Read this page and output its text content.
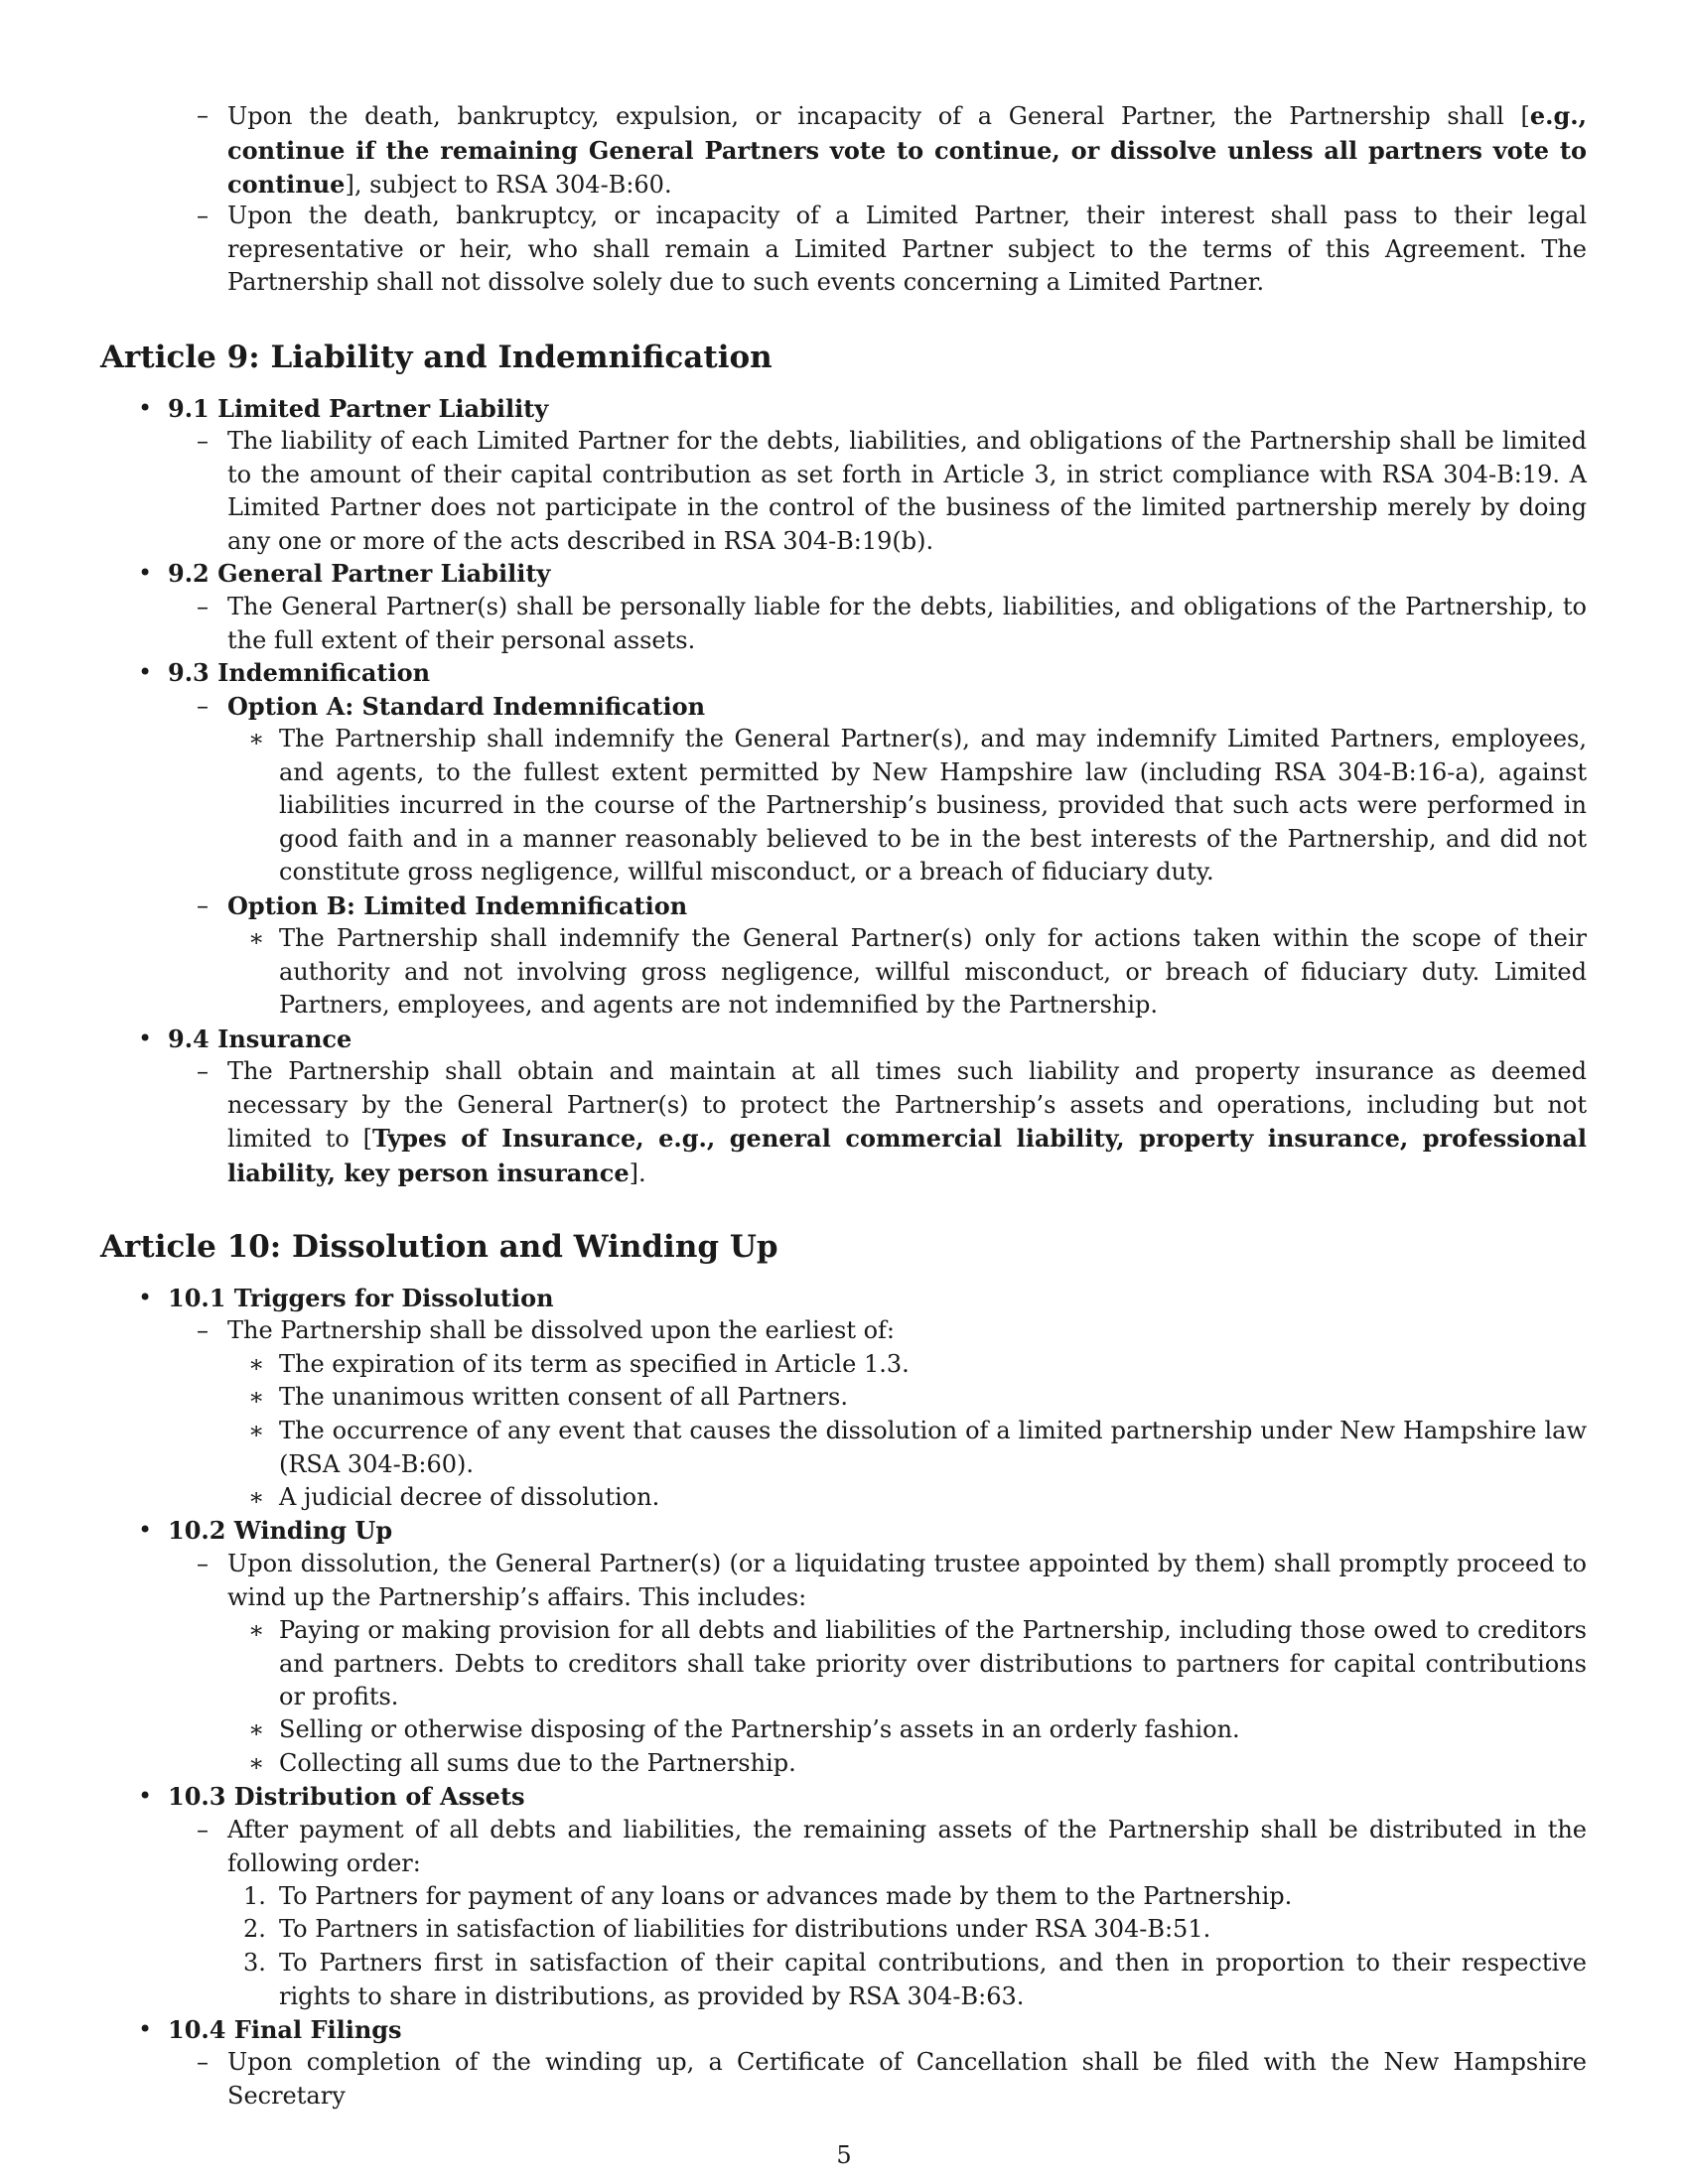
– Upon the death, bankruptcy, expulsion, or incapacity of a General Partner, the Partnership shall [e.g., continue if the remaining General Partners vote to continue, or dissolve unless all partners vote to continue], subject to RSA 304-B:60.
– Upon the death, bankruptcy, or incapacity of a Limited Partner, their interest shall pass to their legal representative or heir, who shall remain a Limited Partner subject to the terms of this Agreement. The Partnership shall not dissolve solely due to such events concerning a Limited Partner.
Article 9: Liability and Indemnification
• 9.1 Limited Partner Liability
– The liability of each Limited Partner for the debts, liabilities, and obligations of the Partnership shall be limited to the amount of their capital contribution as set forth in Article 3, in strict compliance with RSA 304-B:19. A Limited Partner does not participate in the control of the business of the limited partnership merely by doing any one or more of the acts described in RSA 304-B:19(b).
• 9.2 General Partner Liability
– The General Partner(s) shall be personally liable for the debts, liabilities, and obligations of the Partnership, to the full extent of their personal assets.
• 9.3 Indemnification
– Option A: Standard Indemnification
∗ The Partnership shall indemnify the General Partner(s), and may indemnify Limited Partners, employees, and agents, to the fullest extent permitted by New Hampshire law (including RSA 304-B:16-a), against liabilities incurred in the course of the Partnership’s business, provided that such acts were performed in good faith and in a manner reasonably believed to be in the best interests of the Partnership, and did not constitute gross negligence, willful misconduct, or a breach of fiduciary duty.
– Option B: Limited Indemnification
∗ The Partnership shall indemnify the General Partner(s) only for actions taken within the scope of their authority and not involving gross negligence, willful misconduct, or breach of fiduciary duty. Limited Partners, employees, and agents are not indemnified by the Partnership.
• 9.4 Insurance
– The Partnership shall obtain and maintain at all times such liability and property insurance as deemed necessary by the General Partner(s) to protect the Partnership’s assets and operations, including but not limited to [Types of Insurance, e.g., general commercial liability, property insurance, professional liability, key person insurance].
Article 10: Dissolution and Winding Up
• 10.1 Triggers for Dissolution
– The Partnership shall be dissolved upon the earliest of:
∗ The expiration of its term as specified in Article 1.3.
∗ The unanimous written consent of all Partners.
∗ The occurrence of any event that causes the dissolution of a limited partnership under New Hampshire law (RSA 304-B:60).
∗ A judicial decree of dissolution.
• 10.2 Winding Up
– Upon dissolution, the General Partner(s) (or a liquidating trustee appointed by them) shall promptly proceed to wind up the Partnership’s affairs. This includes:
∗ Paying or making provision for all debts and liabilities of the Partnership, including those owed to creditors and partners. Debts to creditors shall take priority over distributions to partners for capital contributions or profits.
∗ Selling or otherwise disposing of the Partnership’s assets in an orderly fashion.
∗ Collecting all sums due to the Partnership.
• 10.3 Distribution of Assets
– After payment of all debts and liabilities, the remaining assets of the Partnership shall be distributed in the following order:
1. To Partners for payment of any loans or advances made by them to the Partnership.
2. To Partners in satisfaction of liabilities for distributions under RSA 304-B:51.
3. To Partners first in satisfaction of their capital contributions, and then in proportion to their respective rights to share in distributions, as provided by RSA 304-B:63.
• 10.4 Final Filings
– Upon completion of the winding up, a Certificate of Cancellation shall be filed with the New Hampshire Secretary
5
